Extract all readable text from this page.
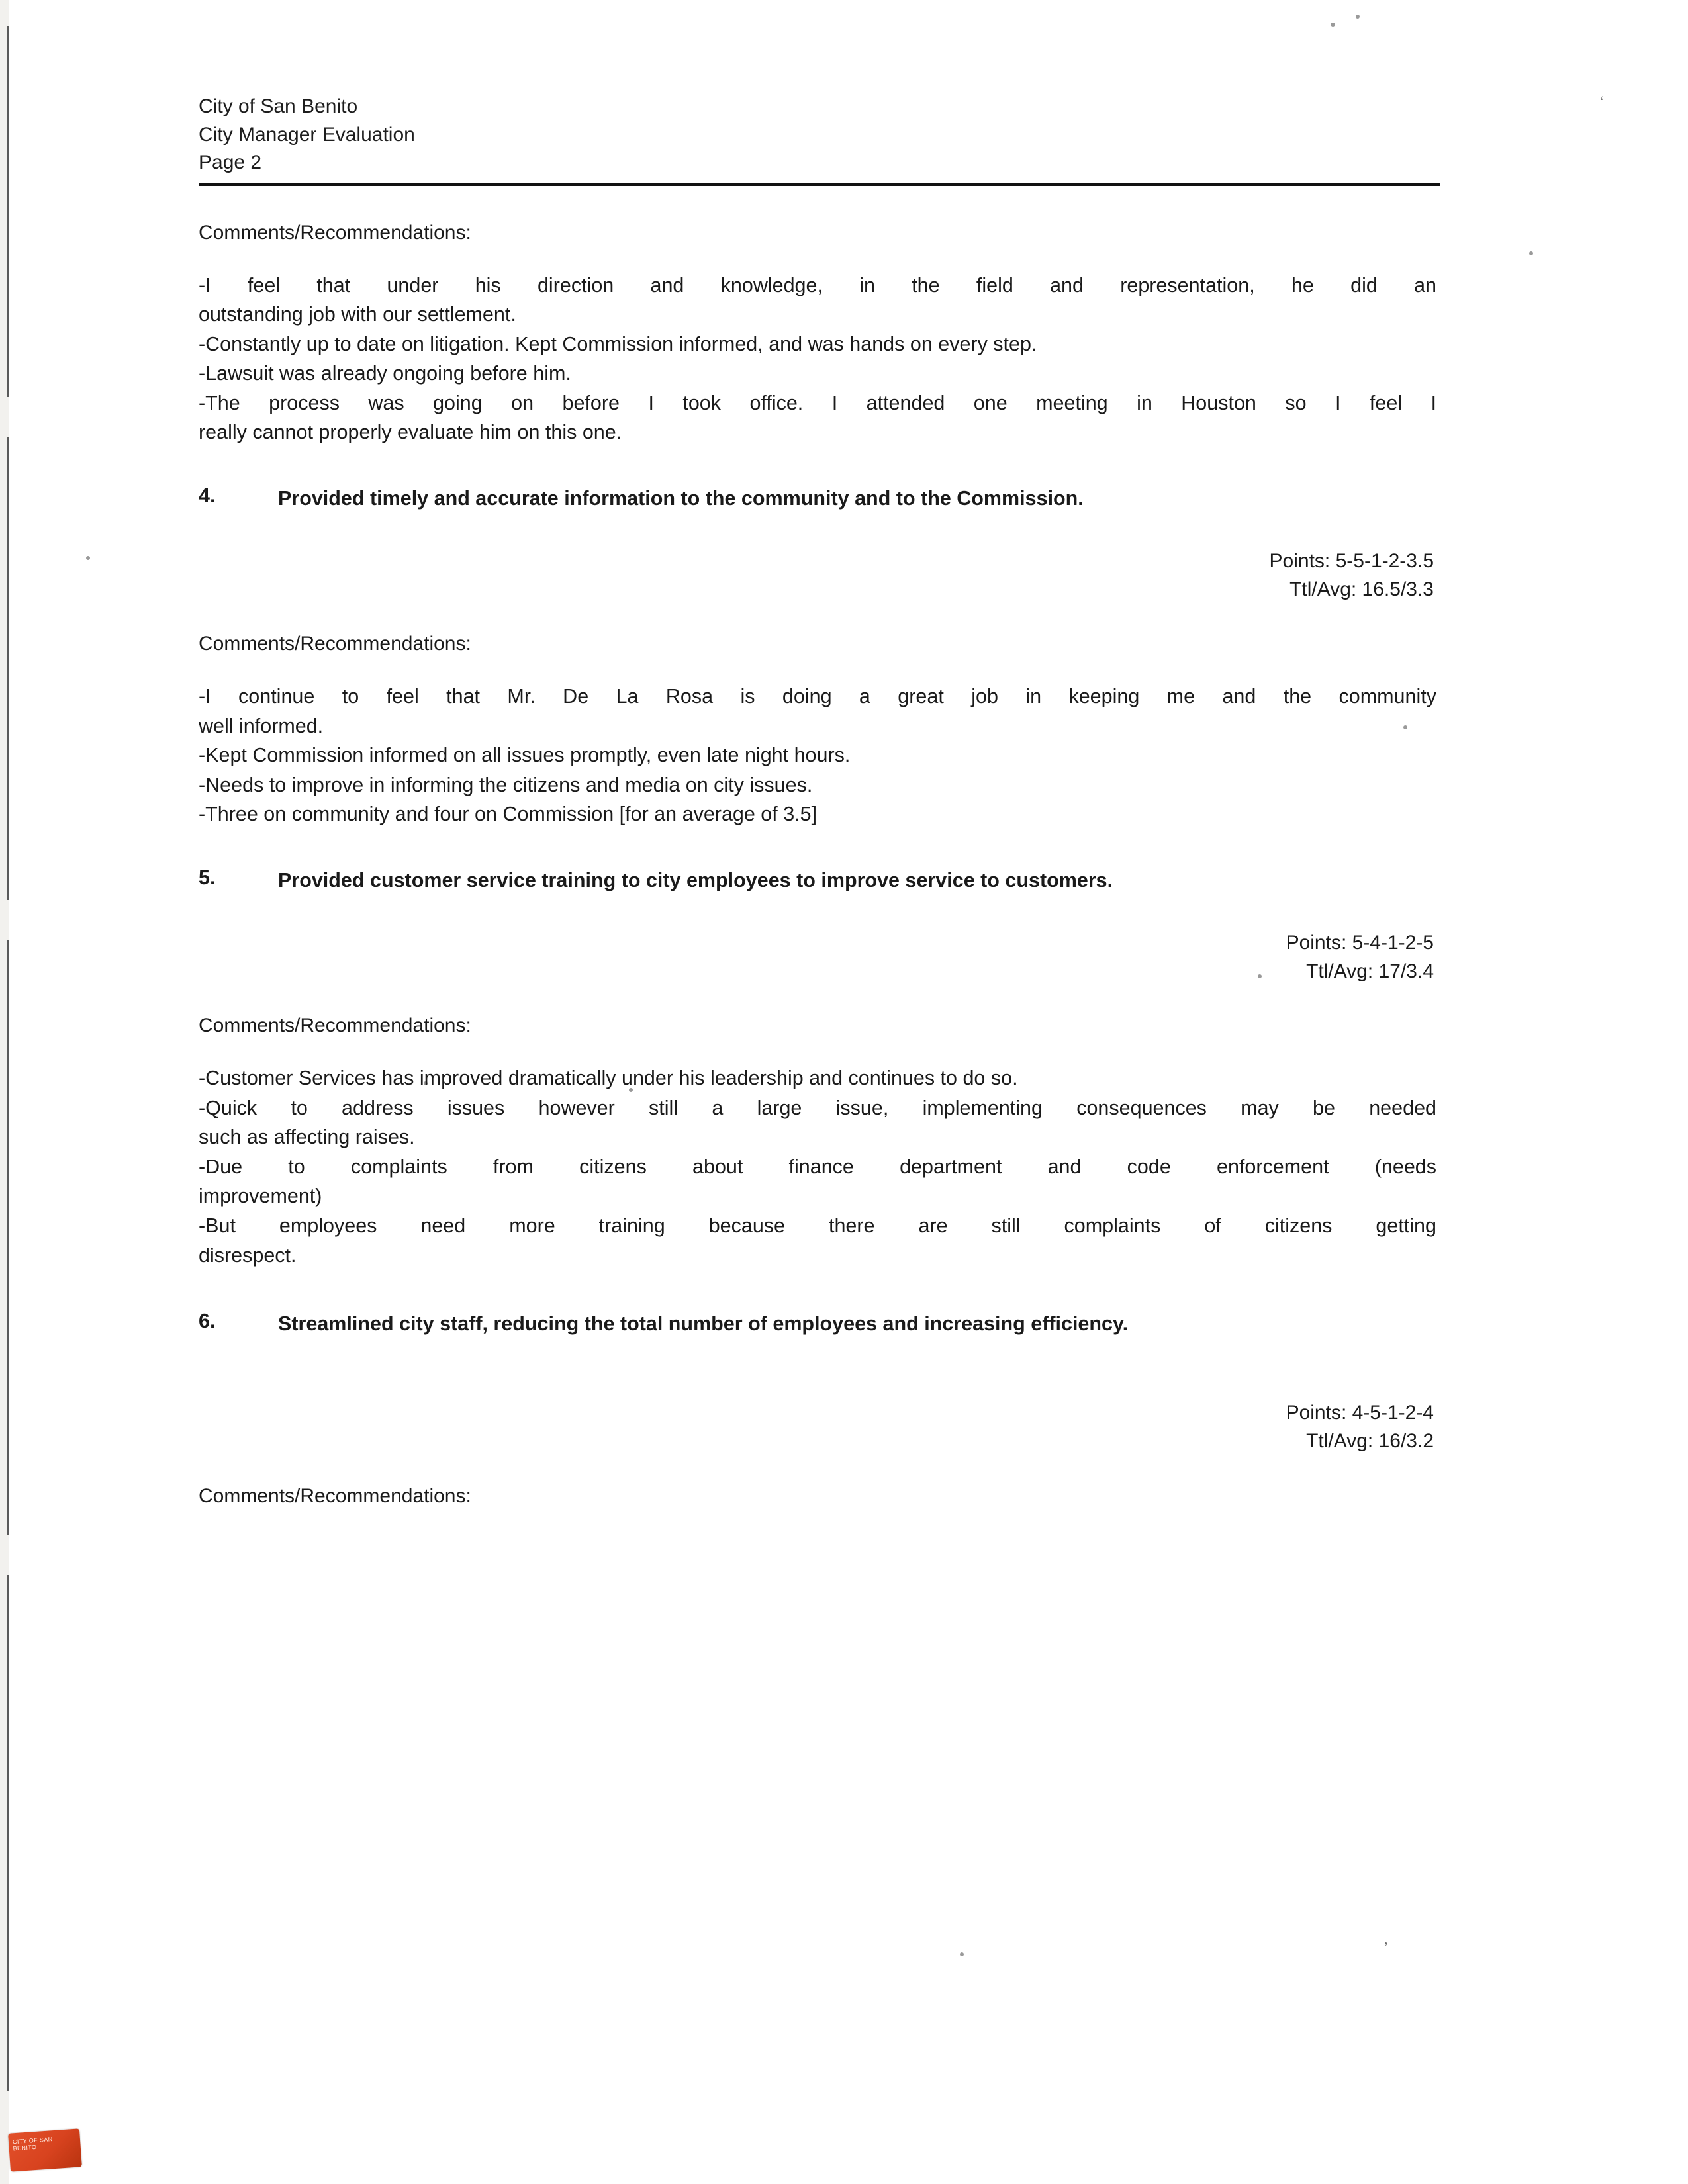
ʻ
ʼ
City of San Benito
City Manager Evaluation
Page 2
Comments/Recommendations:
-I feel that under his direction and knowledge, in the field and representation, he did an
outstanding job with our settlement.
-Constantly up to date on litigation. Kept Commission informed, and was hands on every step.
-Lawsuit was already ongoing before him.
-The process was going on before I took office. I attended one meeting in Houston so I feel I
really cannot properly evaluate him on this one.
4.	Provided timely and accurate information to the community and to the Commission.
Points: 5-5-1-2-3.5
Ttl/Avg: 16.5/3.3
Comments/Recommendations:
-I continue to feel that Mr. De La Rosa is doing a great job in keeping me and the community
well informed.
-Kept Commission informed on all issues promptly, even late night hours.
-Needs to improve in informing the citizens and media on city issues.
-Three on community and four on Commission [for an average of 3.5]
5.	Provided customer service training to city employees to improve service to customers.
Points: 5-4-1-2-5
Ttl/Avg: 17/3.4
Comments/Recommendations:
-Customer Services has improved dramatically under his leadership and continues to do so.
-Quick to address issues however still a large issue, implementing consequences may be needed
such as affecting raises.
-Due to complaints from citizens about finance department and code enforcement (needs
improvement)
-But employees need more training because there are still complaints of citizens getting
disrespect.
6.	Streamlined city staff, reducing the total number of employees and increasing efficiency.
Points: 4-5-1-2-4
Ttl/Avg: 16/3.2
Comments/Recommendations:
CITY OF SAN BENITO
